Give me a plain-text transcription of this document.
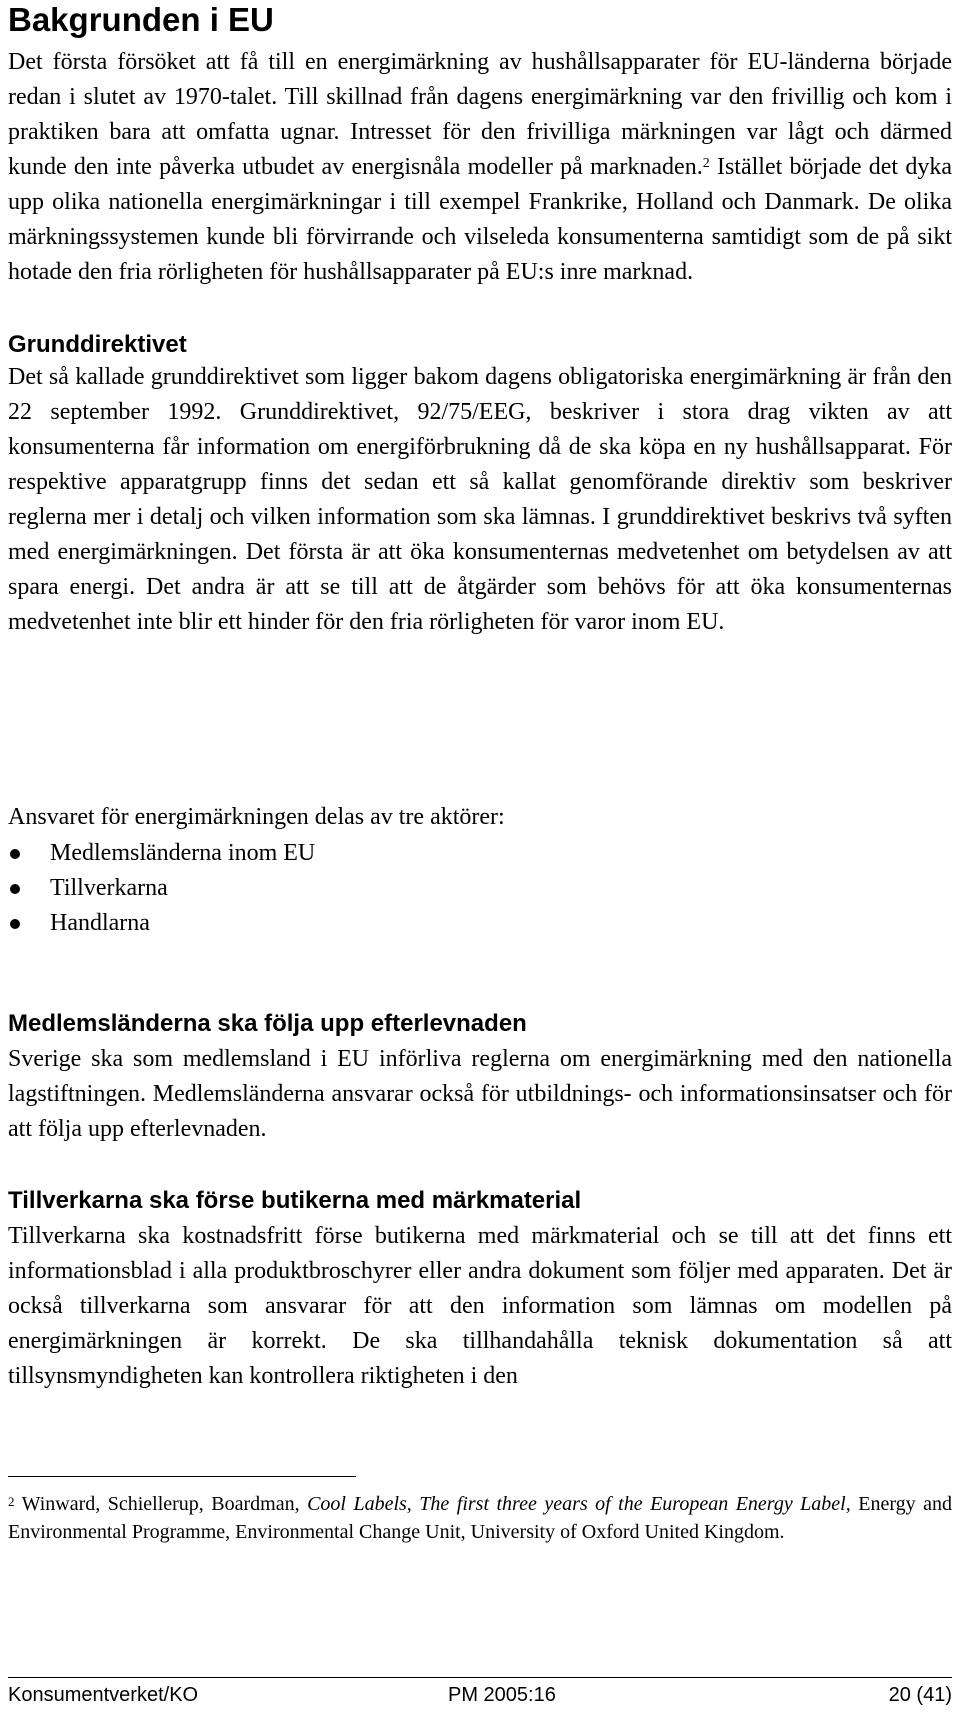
Bakgrunden i EU

Det första försöket att få till en energimärkning av hushållsapparater för EU-länderna började redan i slutet av 1970-talet. Till skillnad från dagens energimärkning var den frivillig och kom i praktiken bara att omfatta ugnar. Intresset för den frivilliga märkningen var lågt och därmed kunde den inte påverka utbudet av energisnåla modeller på marknaden.$^2$ Istället började det dyka upp olika nationella energimärkningar i till exempel Frankrike, Holland och Danmark. De olika märkningssystemen kunde bli förvirrande och vilseleda konsumenterna samtidigt som de på sikt hotade den fria rörligheten för hushållsapparater på EU:s inre marknad.

Grunddirektivet

Det så kallade grunddirektivet som ligger bakom dagens obligatoriska energimärkning är från den 22 september 1992. Grunddirektivet, 92/75/EEG, beskriver i stora drag vikten av att konsumenterna får information om energiförbrukning då de ska köpa en ny hushållsapparat. För respektive apparatgrupp finns det sedan ett så kallat genomförande direktiv som beskriver reglerna mer i detalj och vilken information som ska lämnas. I grunddirektivet beskrivs två syften med energimärkningen. Det första är att öka konsumenternas medvetenhet om betydelsen av att spara energi. Det andra är att se till att de åtgärder som behövs för att öka konsumenternas medvetenhet inte blir ett hinder för den fria rörligheten för varor inom EU.

Ansvaret för energimärkningen delas av tre aktörer:

Medlemsländerna inom EU
Tillverkarna
Handlarna
Medlemsländerna ska följa upp efterlevnaden

Sverige ska som medlemsland i EU införliva reglerna om energimärkning med den nationella lagstiftningen. Medlemsländerna ansvarar också för utbildnings- och informationsinsatser och för att följa upp efterlevnaden.

Tillverkarna ska förse butikerna med märkmaterial

Tillverkarna ska kostnadsfritt förse butikerna med märkmaterial och se till att det finns ett informationsblad i alla produktbroschyrer eller andra dokument som följer med apparaten. Det är också tillverkarna som ansvarar för att den information som lämnas om modellen på energimärkningen är korrekt. De ska tillhandahålla teknisk dokumentation så att tillsynsmyndigheten kan kontrollera riktigheten i den

$^2$ Winward, Schiellerup, Boardman, Cool Labels, The first three years of the European Energy Label, Energy and Environmental Programme, Environmental Change Unit, University of Oxford United Kingdom.
Konsumentverket/KO	PM 2005:16	20 (41)
